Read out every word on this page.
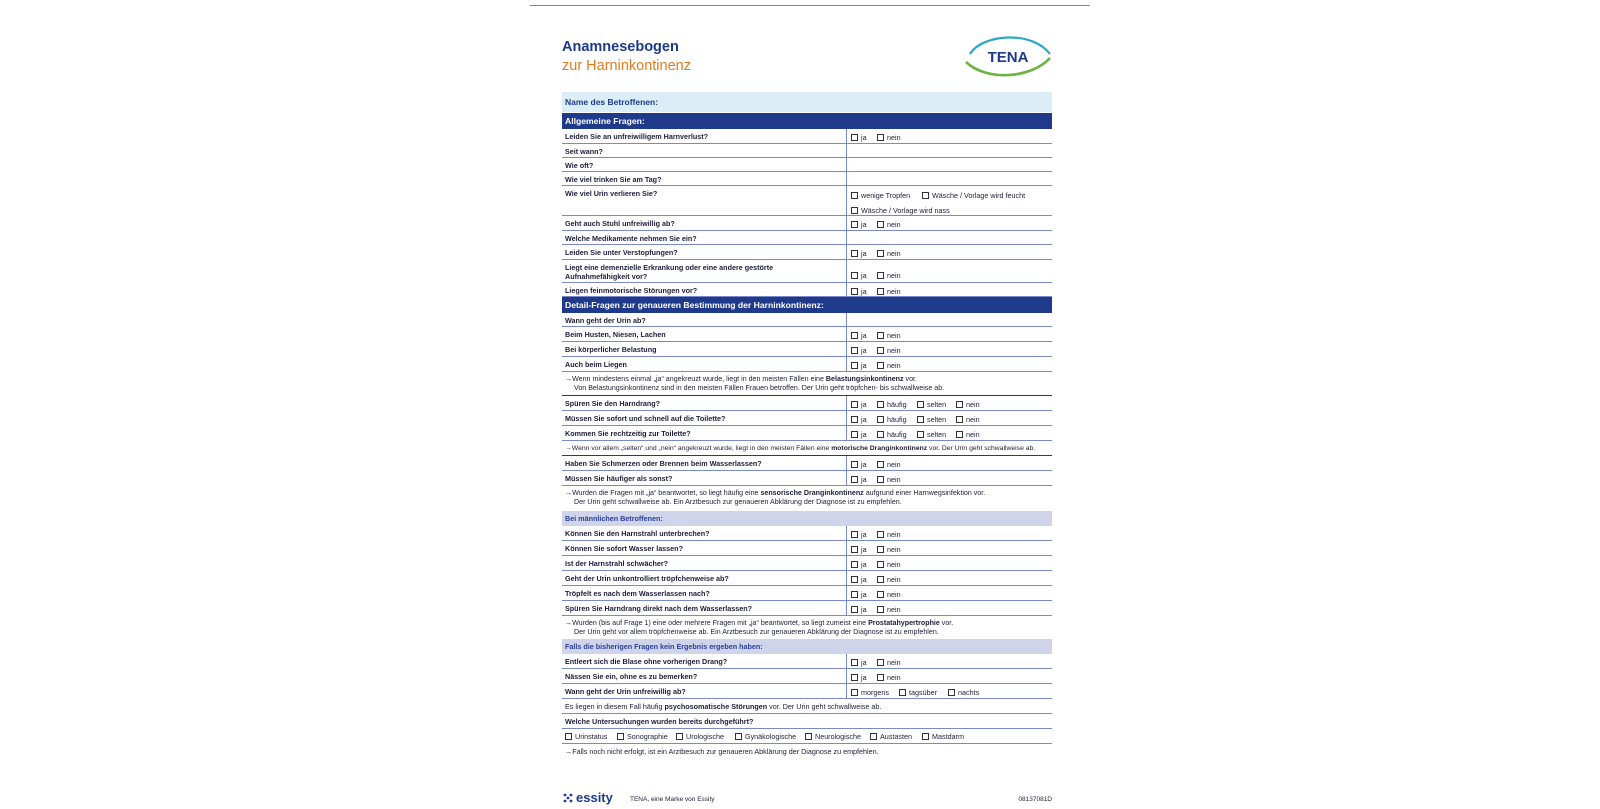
Anamnesebogen
zur Harninkontinenz	TENA
Name des Betroffenen:
Allgemeine Fragen:
Leiden Sie an unfreiwilligem Harnverlust?	ja	nein
Seit wann?
Wie oft?
Wie viel trinken Sie am Tag?
Wie viel Urin verlieren Sie?	wenige Tropfen	Wäsche / Vorlage wird feucht
Wäsche / Vorlage wird nass
Geht auch Stuhl unfreiwillig ab?	ja	nein
Welche Medikamente nehmen Sie ein?
Leiden Sie unter Verstopfungen?	ja	nein
Liegt eine demenzielle Erkrankung oder eine andere gestörte Aufnahmefähigkeit vor?	ja	nein
Liegen feinmotorische Störungen vor?	ja	nein
Detail-Fragen zur genaueren Bestimmung der Harninkontinenz:
Wann geht der Urin ab?
Beim Husten, Niesen, Lachen	ja	nein
Bei körperlicher Belastung	ja	nein
Auch beim Liegen	ja	nein
→Wenn mindestens einmal „ja“ angekreuzt wurde, liegt in den meisten Fällen eine Belastungsinkontinenz vor.
Von Belastungsinkontinenz sind in den meisten Fällen Frauen betroffen. Der Urin geht tröpfchen- bis schwallweise ab.
Spüren Sie den Harndrang?	ja	häufig	selten	nein
Müssen Sie sofort und schnell auf die Toilette?	ja	häufig	selten	nein
Kommen Sie rechtzeitig zur Toilette?	ja	häufig	selten	nein
→Wenn vor allem „selten“ und „nein“ angekreuzt wurde, liegt in den meisten Fällen eine motorische Dranginkontinenz vor. Der Urin geht schwallweise ab.
Haben Sie Schmerzen oder Brennen beim Wasserlassen?	ja	nein
Müssen Sie häufiger als sonst?	ja	nein
→Wurden die Fragen mit „ja“ beantwortet, so liegt häufig eine sensorische Dranginkontinenz aufgrund einer Harnwegsinfektion vor.
Der Urin geht schwallweise ab. Ein Arztbesuch zur genaueren Abklärung der Diagnose ist zu empfehlen.
Bei männlichen Betroffenen:
Können Sie den Harnstrahl unterbrechen?	ja	nein
Können Sie sofort Wasser lassen?	ja	nein
Ist der Harnstrahl schwächer?	ja	nein
Geht der Urin unkontrolliert tröpfchenweise ab?	ja	nein
Tröpfelt es nach dem Wasserlassen nach?	ja	nein
Spüren Sie Harndrang direkt nach dem Wasserlassen?	ja	nein
→Wurden (bis auf Frage 1) eine oder mehrere Fragen mit „ja“ beantwortet, so liegt zumeist eine Prostatahypertrophie vor.
Der Urin geht vor allem tröpfchenweise ab. Ein Arztbesuch zur genaueren Abklärung der Diagnose ist zu empfehlen.
Falls die bisherigen Fragen kein Ergebnis ergeben haben:
Entleert sich die Blase ohne vorherigen Drang?	ja	nein
Nässen Sie ein, ohne es zu bemerken?	ja	nein
Wann geht der Urin unfreiwillig ab?	morgens	tagsüber	nachts
Es liegen in diesem Fall häufig psychosomatische Störungen vor. Der Urin geht schwallweise ab.
Welche Untersuchungen wurden bereits durchgeführt?
Urinstatus	Sonographie	Urologische	Gynäkologische	Neurologische	Austasten	Mastdarm
→Falls noch nicht erfolgt, ist ein Arztbesuch zur genaueren Abklärung der Diagnose zu empfehlen.
essity	TENA, eine Marke von Essity	08137081D
